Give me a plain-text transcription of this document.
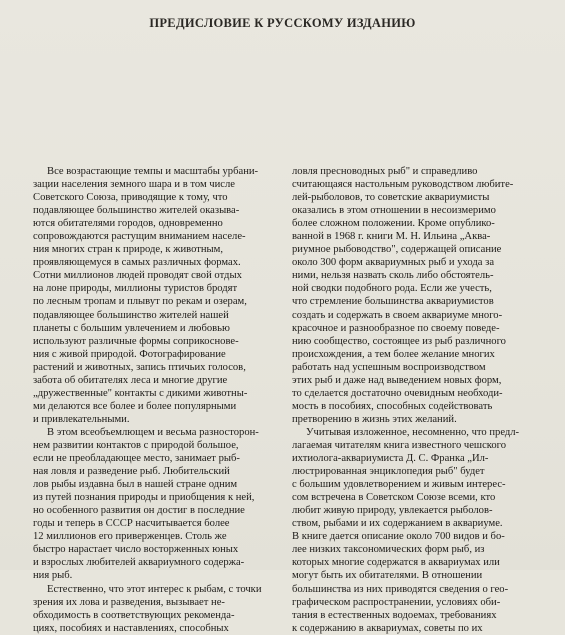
ПРЕДИСЛОВИЕ К РУССКОМУ ИЗДАНИЮ
Все возрастающие темпы и масштабы урбани-
зации населения земного шара и в том числе
Советского Союза, приводящие к тому, что
подавляющее большинство жителей оказыва-
ются обитателями городов, одновременно
сопровождаются растущим вниманием населе-
ния многих стран к природе, к животным,
проявляющемуся в самых различных формах.
Сотни миллионов людей проводят свой отдых
на лоне природы, миллионы туристов бродят
по лесным тропам и плывут по рекам и озерам,
подавляющее большинство жителей нашей
планеты с большим увлечением и любовью
используют различные формы соприкоснове-
ния с живой природой. Фотографирование
растений и животных, запись птичьих голосов,
забота об обитателях леса и многие другие
„дружественные" контакты с дикими животны-
ми делаются все более и более популярными
и привлекательными.
В этом всеобъемлющем и весьма разносторон-
нем развитии контактов с природой большое,
если не преобладающее место, занимает рыб-
ная ловля и разведение рыб. Любительский
лов рыбы издавна был в нашей стране одним
из путей познания природы и приобщения к ней,
но особенного развития он достиг в последние
годы и теперь в СССР насчитывается более
12 миллионов его приверженцев. Столь же
быстро нарастает число восторженных юных
и взрослых любителей аквариумного содержа-
ния рыб.
Естественно, что этот интерес к рыбам, с точки
зрения их лова и разведения, вызывает не-
обходимость в соответствующих рекоменда-
циях, пособиях и наставлениях, способных
ловля пресноводных рыб" и справедливо
считающаяся настольным руководством любите-
лей-рыболовов, то советские аквариумисты
оказались в этом отношении в несоизмеримо
более сложном положении. Кроме опублико-
ванной в 1968 г. книги М. Н. Ильина „Аква-
риумное рыбоводство", содержащей описание
около 300 форм аквариумных рыб и ухода за
ними, нельзя назвать сколь либо обстоятель-
ной сводки подобного рода. Если же учесть,
что стремление большинства аквариумистов
создать и содержать в своем аквариуме много-
красочное и разнообразное по своему поведе-
нию сообщество, состоящее из рыб различного
происхождения, а тем более желание многих
работать над успешным воспроизводством
этих рыб и даже над выведением новых форм,
то сделается достаточно очевидным необходи-
мость в пособиях, способных содействовать
претворению в жизнь этих желаний.
Учитывая изложенное, несомненно, что предл-
лагаемая читателям книга известного чешского
ихтиолога-аквариумиста Д. С. Франка „Ил-
люстрированная энциклопедия рыб" будет
с большим удовлетворением и живым интерес-
сом встречена в Советском Союзе всеми, кто
любит живую природу, увлекается рыболов-
ством, рыбами и их содержанием в аквариуме.
В книге дается описание около 700 видов и бо-
лее низких таксономических форм рыб, из
которых многие содержатся в аквариумах или
могут быть их обитателями. В отношении
большинства из них приводятся сведения о гео-
графическом распространении, условиях оби-
тания в естественных водоемах, требованиях
к содержанию в аквариумах, советы по их
